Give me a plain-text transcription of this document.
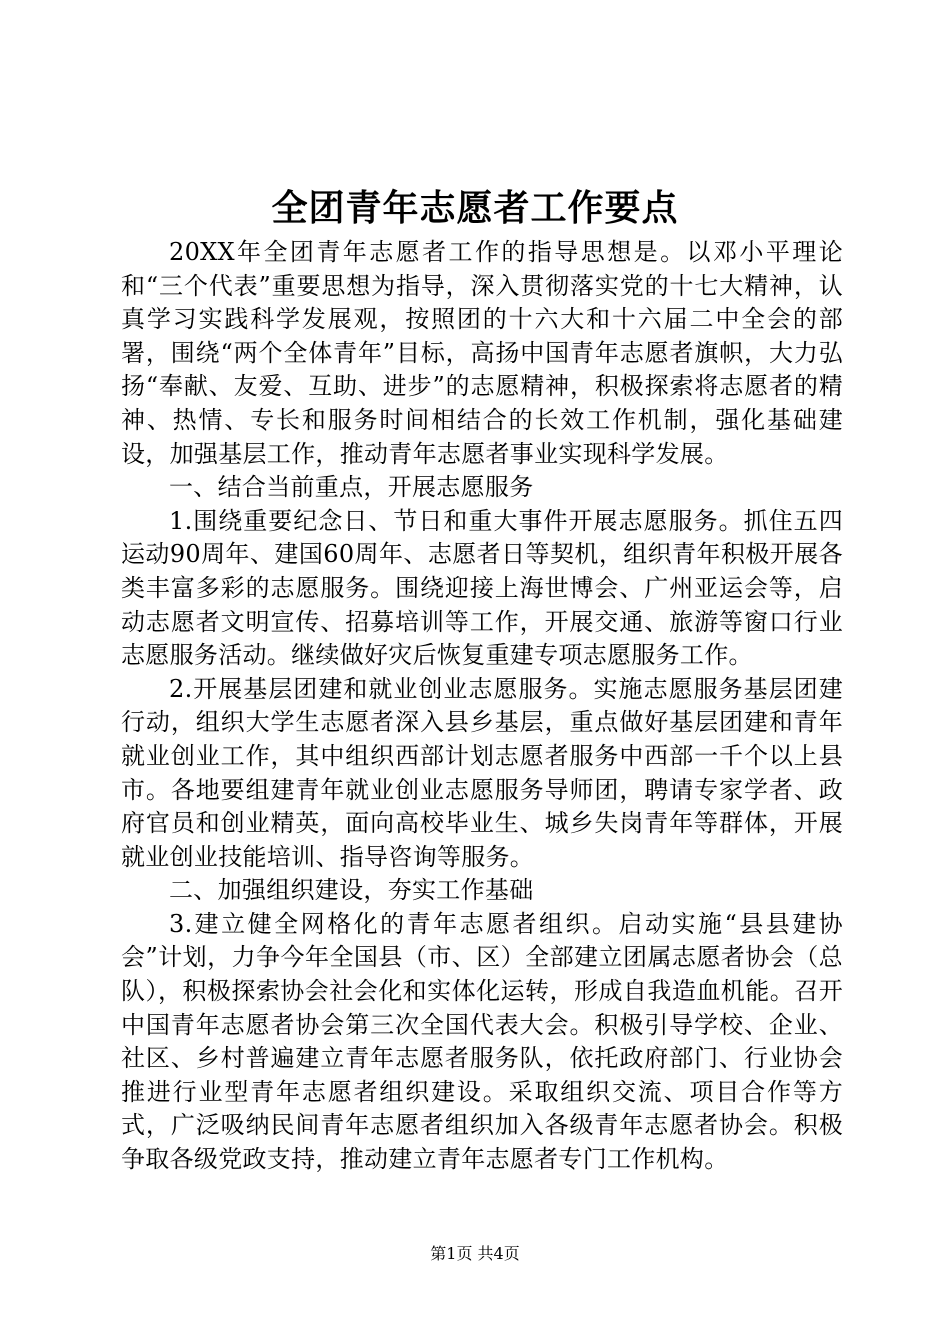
全团青年志愿者工作要点

20XX年全团青年志愿者工作的指导思想是。以邓小平理论和“三个代表”重要思想为指导，深入贯彻落实党的十七大精神，认真学习实践科学发展观，按照团的十六大和十六届二中全会的部署，围绕“两个全体青年”目标，高扬中国青年志愿者旗帜，大力弘扬“奉献、友爱、互助、进步”的志愿精神，积极探索将志愿者的精神、热情、专长和服务时间相结合的长效工作机制，强化基础建设，加强基层工作，推动青年志愿者事业实现科学发展。

一、结合当前重点，开展志愿服务

1.围绕重要纪念日、节日和重大事件开展志愿服务。抓住五四运动90周年、建国60周年、志愿者日等契机，组织青年积极开展各类丰富多彩的志愿服务。围绕迎接上海世博会、广州亚运会等，启动志愿者文明宣传、招募培训等工作，开展交通、旅游等窗口行业志愿服务活动。继续做好灾后恢复重建专项志愿服务工作。

2.开展基层团建和就业创业志愿服务。实施志愿服务基层团建行动，组织大学生志愿者深入县乡基层，重点做好基层团建和青年就业创业工作，其中组织西部计划志愿者服务中西部一千个以上县市。各地要组建青年就业创业志愿服务导师团，聘请专家学者、政府官员和创业精英，面向高校毕业生、城乡失岗青年等群体，开展就业创业技能培训、指导咨询等服务。

二、加强组织建设，夯实工作基础

3.建立健全网格化的青年志愿者组织。启动实施“县县建协会”计划，力争今年全国县（市、区）全部建立团属志愿者协会（总队），积极探索协会社会化和实体化运转，形成自我造血机能。召开中国青年志愿者协会第三次全国代表大会。积极引导学校、企业、社区、乡村普遍建立青年志愿者服务队，依托政府部门、行业协会推进行业型青年志愿者组织建设。采取组织交流、项目合作等方式，广泛吸纳民间青年志愿者组织加入各级青年志愿者协会。积极争取各级党政支持，推动建立青年志愿者专门工作机构。

第1页 共4页
